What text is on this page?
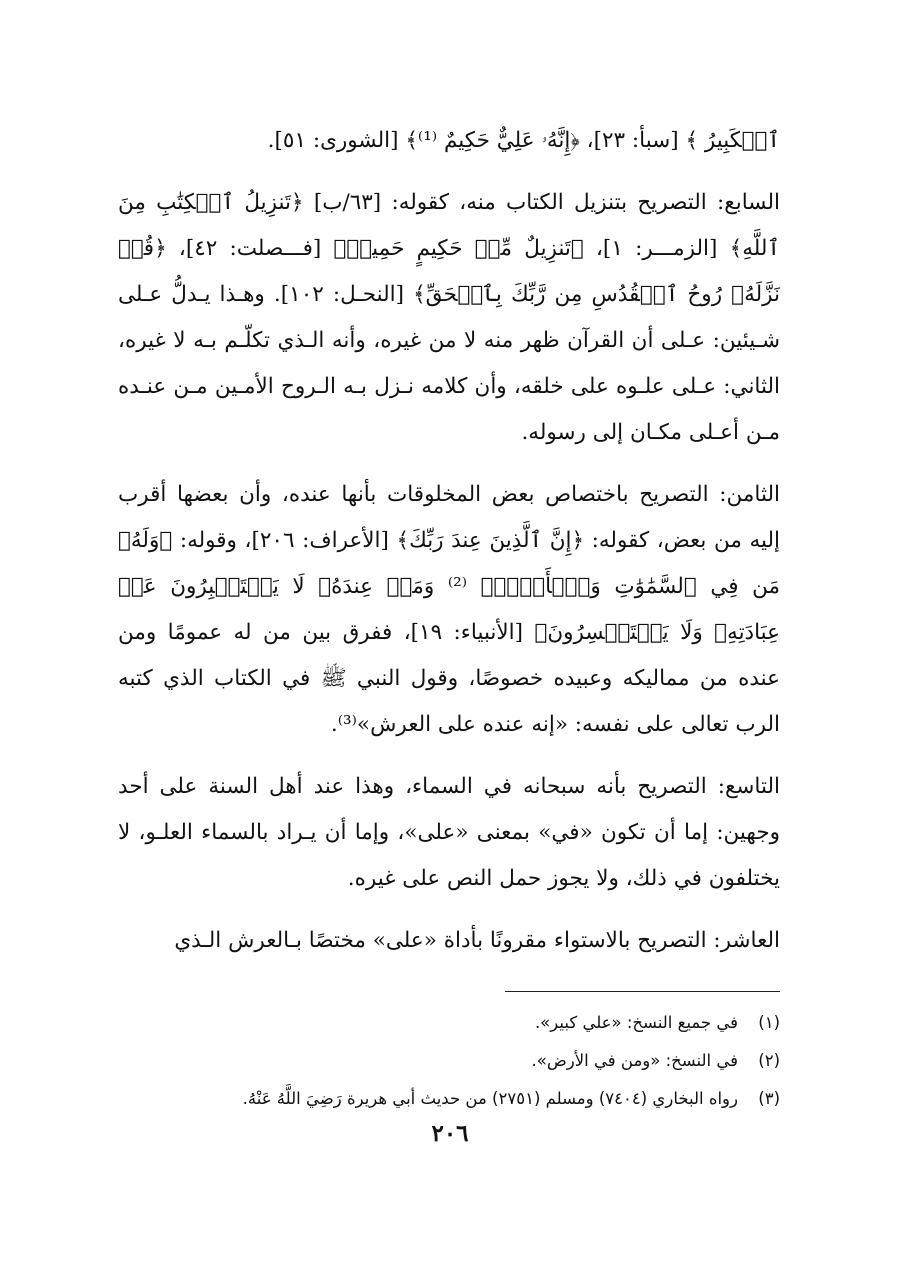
ٱلۡكَبِيرُ ﴾ [سبأ: ٢٣]، ﴿إِنَّهُۥ عَلِيٌّ حَكِيمٌ ⁽¹⁾﴾ [الشورى: ٥١].

السابع: التصريح بتنزيل الكتاب منه، كقوله: [٦٣/ب] ﴿تَنزِيلُ ٱلۡكِتَٰبِ مِنَ ٱللَّهِ﴾ [الزمـــر: ١]، ﴿تَنزِيلٌ مِّنۡ حَكِيمٍ حَمِيدٖ﴾ [فـــصلت: ٤٢]، ﴿قُلۡ نَزَّلَهُۥ رُوحُ ٱلۡقُدُسِ مِن رَّبِّكَ بِٱلۡحَقِّ﴾ [النحـل: ١٠٢]. وهـذا يـدلُّ عـلى شـيئين: عـلى أن القرآن ظهر منه لا من غيره، وأنه الـذي تكلّـم بـه لا غيره، الثاني: عـلى علـوه على خلقه، وأن كلامه نـزل بـه الـروح الأمـين مـن عنـده مـن أعـلى مكـان إلى رسوله.

الثامن: التصريح باختصاص بعض المخلوقات بأنها عنده، وأن بعضها أقرب إليه من بعض، كقوله: ﴿إِنَّ ٱلَّذِينَ عِندَ رَبِّكَ﴾ [الأعراف: ٢٠٦]، وقوله: ﴿وَلَهُۥ مَن فِي ٱلسَّمَٰوَٰتِ وَٱلۡأَرۡضِۚ ⁽²⁾ وَمَنۡ عِندَهُۥ لَا يَسۡتَكۡبِرُونَ عَنۡ عِبَادَتِهِۦ وَلَا يَسۡتَحۡسِرُونَ﴾ [الأنبياء: ١٩]، ففرق بين من له عمومًا ومن عنده من مماليكه وعبيده خصوصًا، وقول النبي ﷺ في الكتاب الذي كتبه الرب تعالى على نفسه: «إنه عنده على العرش»⁽³⁾.

التاسع: التصريح بأنه سبحانه في السماء، وهذا عند أهل السنة على أحد وجهين: إما أن تكون «في» بمعنى «على»، وإما أن يـراد بالسماء العلـو، لا يختلفون في ذلك، ولا يجوز حمل النص على غيره.

العاشر: التصريح بالاستواء مقرونًا بأداة «على» مختصًا بـالعرش الـذي

(١)
في جميع النسخ: «علي كبير».
(٢)
في النسخ: «ومن في الأرض».
(٣)
رواه البخاري (٧٤٠٤) ومسلم (٢٧٥١) من حديث أبي هريرة رَضِيَ اللَّهُ عَنْهُ.
٢٠٦
